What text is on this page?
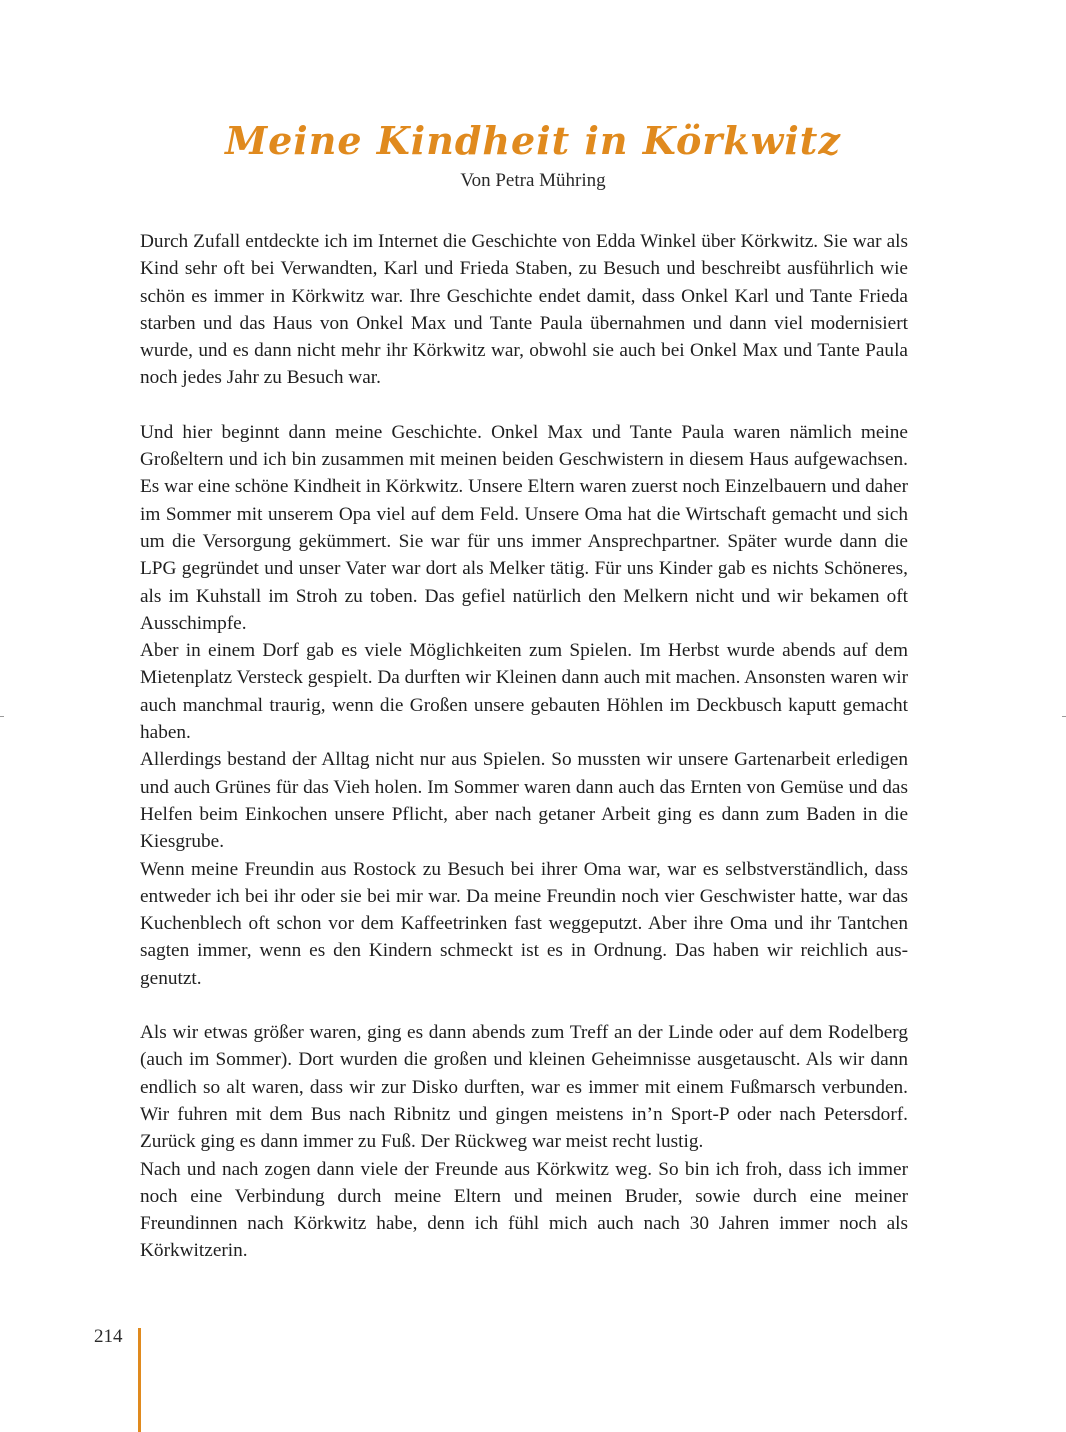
Meine Kindheit in Körkwitz
Von Petra Mühring

Durch Zufall entdeckte ich im Internet die Geschichte von Edda Winkel über Körkwitz. Sie war als Kind sehr oft bei Verwandten, Karl und Frieda Staben, zu Besuch und beschreibt ausführlich wie schön es immer in Körkwitz war. Ihre Geschichte endet damit, dass Onkel Karl und Tante Frieda starben und das Haus von Onkel Max und Tante Paula übernahmen und dann viel modernisiert wurde, und es dann nicht mehr ihr Körkwitz war, obwohl sie auch bei Onkel Max und Tante Paula noch jedes Jahr zu Besuch war.

Und hier beginnt dann meine Geschichte. Onkel Max und Tante Paula waren nämlich meine Großeltern und ich bin zusammen mit meinen beiden Geschwistern in diesem Haus aufgewachsen. Es war eine schöne Kindheit in Körkwitz. Unsere Eltern waren zuerst noch Einzelbauern und daher im Sommer mit unserem Opa viel auf dem Feld. Unsere Oma hat die Wirtschaft gemacht und sich um die Versorgung gekümmert. Sie war für uns immer Ansprechpartner. Später wurde dann die LPG gegründet und unser Vater war dort als Melker tätig. Für uns Kinder gab es nichts Schöneres, als im Kuhstall im Stroh zu toben. Das gefiel natürlich den Melkern nicht und wir bekamen oft Ausschimpfe.

Aber in einem Dorf gab es viele Möglichkeiten zum Spielen. Im Herbst wurde abends auf dem Mietenplatz Versteck gespielt. Da durften wir Kleinen dann auch mit machen. Ansonsten waren wir auch manchmal traurig, wenn die Großen unsere gebauten Höhlen im Deckbusch kaputt gemacht haben.

Allerdings bestand der Alltag nicht nur aus Spielen. So mussten wir unsere Gartenarbeit erledigen und auch Grünes für das Vieh holen. Im Sommer waren dann auch das Ernten von Gemüse und das Helfen beim Einkochen unsere Pflicht, aber nach getaner Arbeit ging es dann zum Baden in die Kiesgrube.

Wenn meine Freundin aus Rostock zu Besuch bei ihrer Oma war, war es selbstverständlich, dass entweder ich bei ihr oder sie bei mir war. Da meine Freundin noch vier Geschwister hatte, war das Kuchenblech oft schon vor dem Kaffeetrinken fast weggeputzt. Aber ihre Oma und ihr Tantchen sagten immer, wenn es den Kindern schmeckt ist es in Ordnung. Das haben wir reichlich ausgenutzt.

Als wir etwas größer waren, ging es dann abends zum Treff an der Linde oder auf dem Rodelberg (auch im Sommer). Dort wurden die großen und kleinen Geheimnisse ausgetauscht. Als wir dann endlich so alt waren, dass wir zur Disko durften, war es immer mit einem Fußmarsch verbunden. Wir fuhren mit dem Bus nach Ribnitz und gingen meistens in’n Sport-P oder nach Petersdorf. Zurück ging es dann immer zu Fuß. Der Rückweg war meist recht lustig.

Nach und nach zogen dann viele der Freunde aus Körkwitz weg. So bin ich froh, dass ich immer noch eine Verbindung durch meine Eltern und meinen Bruder, sowie durch eine meiner Freundinnen nach Körkwitz habe, denn ich fühl mich auch nach 30 Jahren immer noch als Körkwitzerin.

214
